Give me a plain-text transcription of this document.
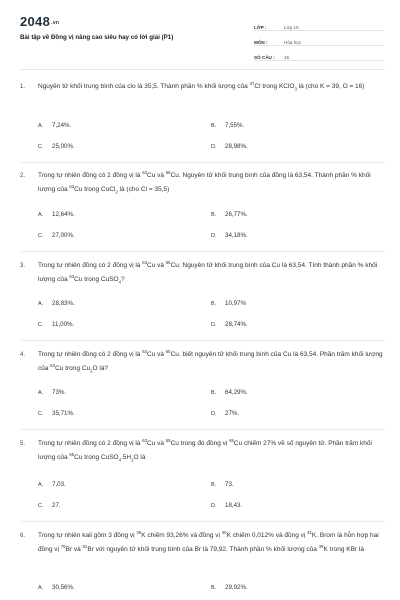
2048.vn
Bài tập về Đồng vị nâng cao siêu hay có lời giải (P1)
LỚP :	Lớp 10
MÔN :	Hóa học
SỐ CÂU :	15
1. Nguyên tử khối trung bình của clo là 35,5. Thành phần % khối lượng của $^{37}$Cl trong KClO$_3$ là (cho K = 39, O = 16)
A. 7,24%.	B. 7,55%.
C. 25,00%.	D. 28,98%.
2. Trong tự nhiên đồng có 2 đồng vị là $^{63}$Cu và $^{65}$Cu. Nguyên tử khối trung bình của đồng là 63,54. Thành phần % khối lượng của $^{63}$Cu trong CuCl$_2$ là (cho Cl = 35,5)
A. 12,64%.	B. 26,77%.
C. 27,00%.	D. 34,18%.
3. Trong tự nhiên đồng có 2 đồng vị là $^{63}$Cu và $^{65}$Cu. Nguyên tử khối trung bình của Cu là 63,54. Tính thành phần % khối lượng của $^{63}$Cu trong CuSO$_4$?
A. 28,83%.	B. 10,97%
C. 11,00%.	D. 28,74%.
4. Trong tự nhiên đồng có 2 đồng vị là $^{63}$Cu và $^{65}$Cu. biết nguyên tử khối trung bình của Cu là 63,54. Phần trăm khối lượng của $^{63}$Cu trong $Cu_2O$ là?
A. 73%.	B. 64,29%.
C. 35,71%.	D. 27%.
5. Trong tự nhiên đồng có 2 đồng vị là $^{63}$Cu và $^{65}$Cu trong đó đồng vị $^{65}$Cu chiếm 27% về số nguyên tử. Phần trăm khối lượng của $^{65}$Cu trong $CuSO_4.5H_2O$ là
A. 7,03.	B. 73.
C. 27.	D. 18,43.
6. Trong tự nhiên kali gồm 3 đồng vị $^{39}$K chiếm 93,26% và đồng vị $^{40}$K chiếm 0,012% và đồng vị $^{41}$K. Brom là hỗn hợp hai đồng vị $^{79}$Br và $^{81}$Br với nguyên tử khối trung bình của Br là 79,92. Thành phần % khối lượng của $^{39}$K trong KBr là
A. 30,56%.	B. 29,92%.
